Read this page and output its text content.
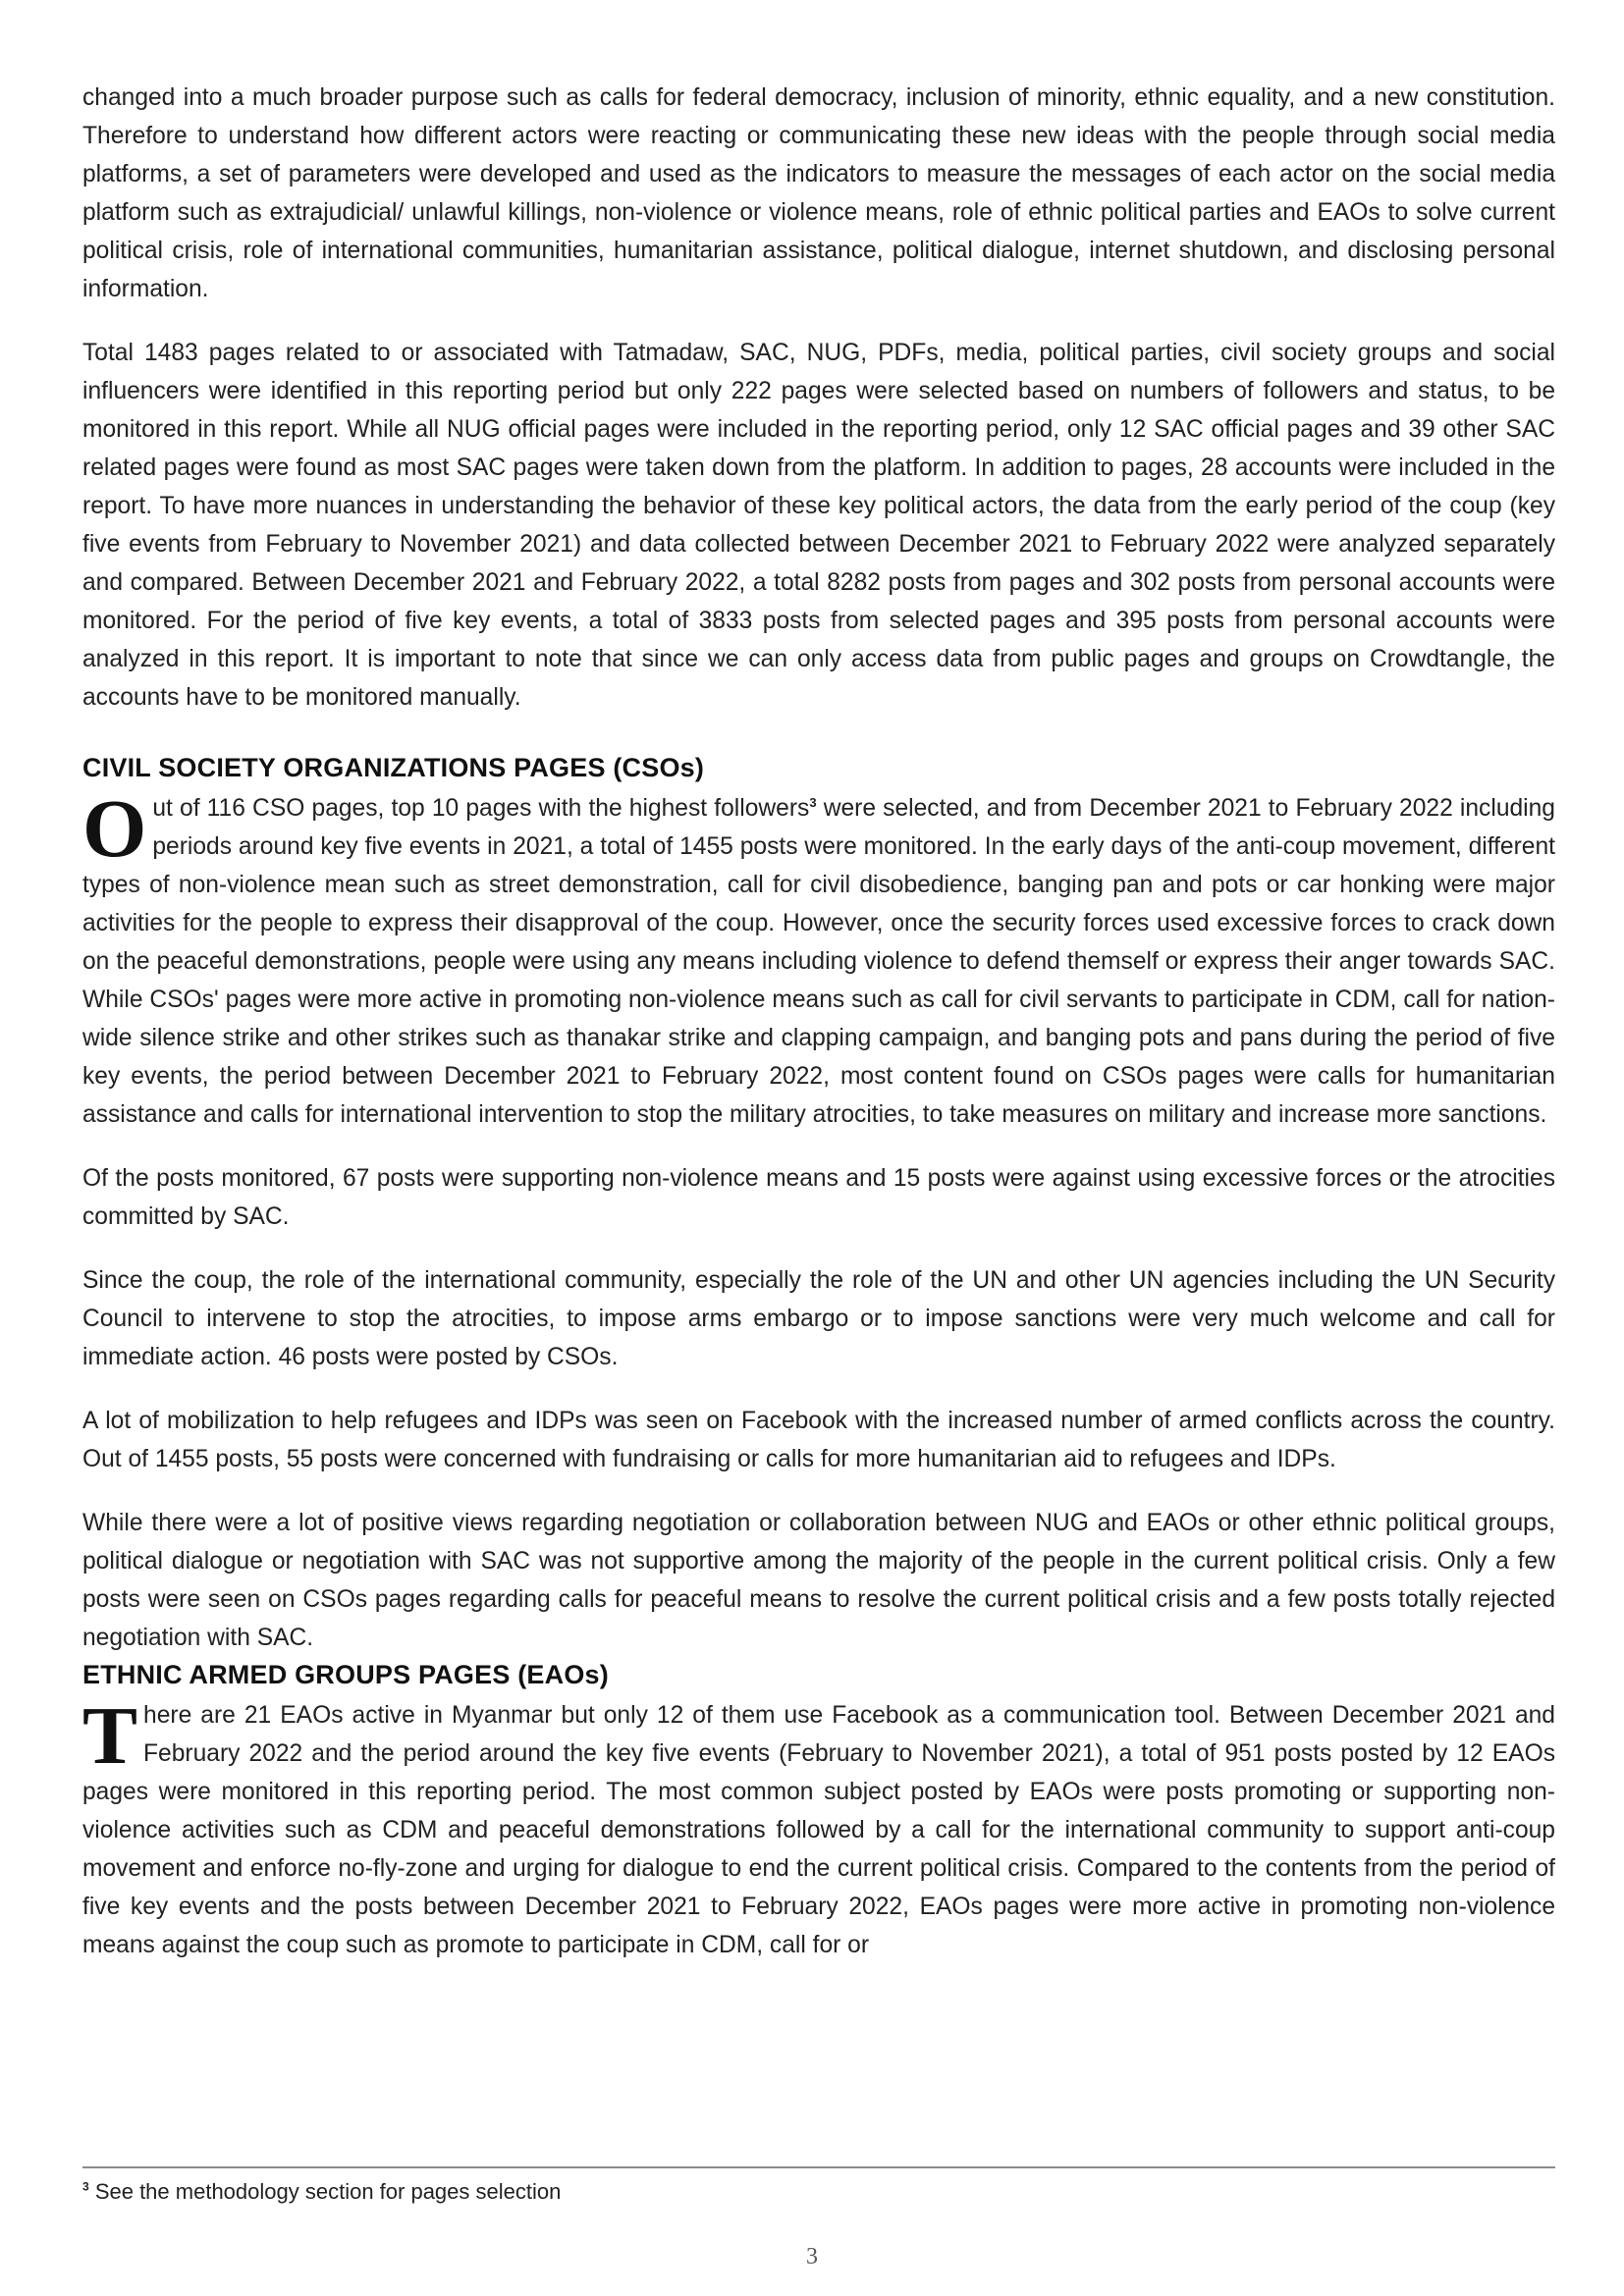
changed into a much broader purpose such as calls for federal democracy, inclusion of minority, ethnic equality, and a new constitution. Therefore to understand how different actors were reacting or communicating these new ideas with the people through social media platforms, a set of parameters were developed and used as the indicators to measure the messages of each actor on the social media platform such as extrajudicial/ unlawful killings, non-violence or violence means, role of ethnic political parties and EAOs to solve current political crisis, role of international communities, humanitarian assistance, political dialogue, internet shutdown, and disclosing personal information.

Total 1483 pages related to or associated with Tatmadaw, SAC, NUG, PDFs, media, political parties, civil society groups and social influencers were identified in this reporting period but only 222 pages were selected based on numbers of followers and status, to be monitored in this report. While all NUG official pages were included in the reporting period, only 12 SAC official pages and 39 other SAC related pages were found as most SAC pages were taken down from the platform. In addition to pages, 28 accounts were included in the report. To have more nuances in understanding the behavior of these key political actors, the data from the early period of the coup (key five events from February to November 2021) and data collected between December 2021 to February 2022 were analyzed separately and compared. Between December 2021 and February 2022, a total 8282 posts from pages and 302 posts from personal accounts were monitored. For the period of five key events, a total of 3833 posts from selected pages and 395 posts from personal accounts were analyzed in this report. It is important to note that since we can only access data from public pages and groups on Crowdtangle, the accounts have to be monitored manually.

CIVIL SOCIETY ORGANIZATIONS PAGES (CSOs)

Out of 116 CSO pages, top 10 pages with the highest followers$^3$ were selected, and from December 2021 to February 2022 including periods around key five events in 2021, a total of 1455 posts were monitored. In the early days of the anti-coup movement, different types of non-violence mean such as street demonstration, call for civil disobedience, banging pan and pots or car honking were major activities for the people to express their disapproval of the coup. However, once the security forces used excessive forces to crack down on the peaceful demonstrations, people were using any means including violence to defend themself or express their anger towards SAC. While CSOs' pages were more active in promoting non-violence means such as call for civil servants to participate in CDM, call for nation-wide silence strike and other strikes such as thanakar strike and clapping campaign, and banging pots and pans during the period of five key events, the period between December 2021 to February 2022, most content found on CSOs pages were calls for humanitarian assistance and calls for international intervention to stop the military atrocities, to take measures on military and increase more sanctions.

Of the posts monitored, 67 posts were supporting non-violence means and 15 posts were against using excessive forces or the atrocities committed by SAC.

Since the coup, the role of the international community, especially the role of the UN and other UN agencies including the UN Security Council to intervene to stop the atrocities, to impose arms embargo or to impose sanctions were very much welcome and call for immediate action. 46 posts were posted by CSOs.

A lot of mobilization to help refugees and IDPs was seen on Facebook with the increased number of armed conflicts across the country. Out of 1455 posts, 55 posts were concerned with fundraising or calls for more humanitarian aid to refugees and IDPs.

While there were a lot of positive views regarding negotiation or collaboration between NUG and EAOs or other ethnic political groups, political dialogue or negotiation with SAC was not supportive among the majority of the people in the current political crisis. Only a few posts were seen on CSOs pages regarding calls for peaceful means to resolve the current political crisis and a few posts totally rejected negotiation with SAC.

ETHNIC ARMED GROUPS PAGES (EAOs)

There are 21 EAOs active in Myanmar but only 12 of them use Facebook as a communication tool. Between December 2021 and February 2022 and the period around the key five events (February to November 2021), a total of 951 posts posted by 12 EAOs pages were monitored in this reporting period. The most common subject posted by EAOs were posts promoting or supporting non-violence activities such as CDM and peaceful demonstrations followed by a call for the international community to support anti-coup movement and enforce no-fly-zone and urging for dialogue to end the current political crisis. Compared to the contents from the period of five key events and the posts between December 2021 to February 2022, EAOs pages were more active in promoting non-violence means against the coup such as promote to participate in CDM, call for or

$^3$ See the methodology section for pages selection
3
